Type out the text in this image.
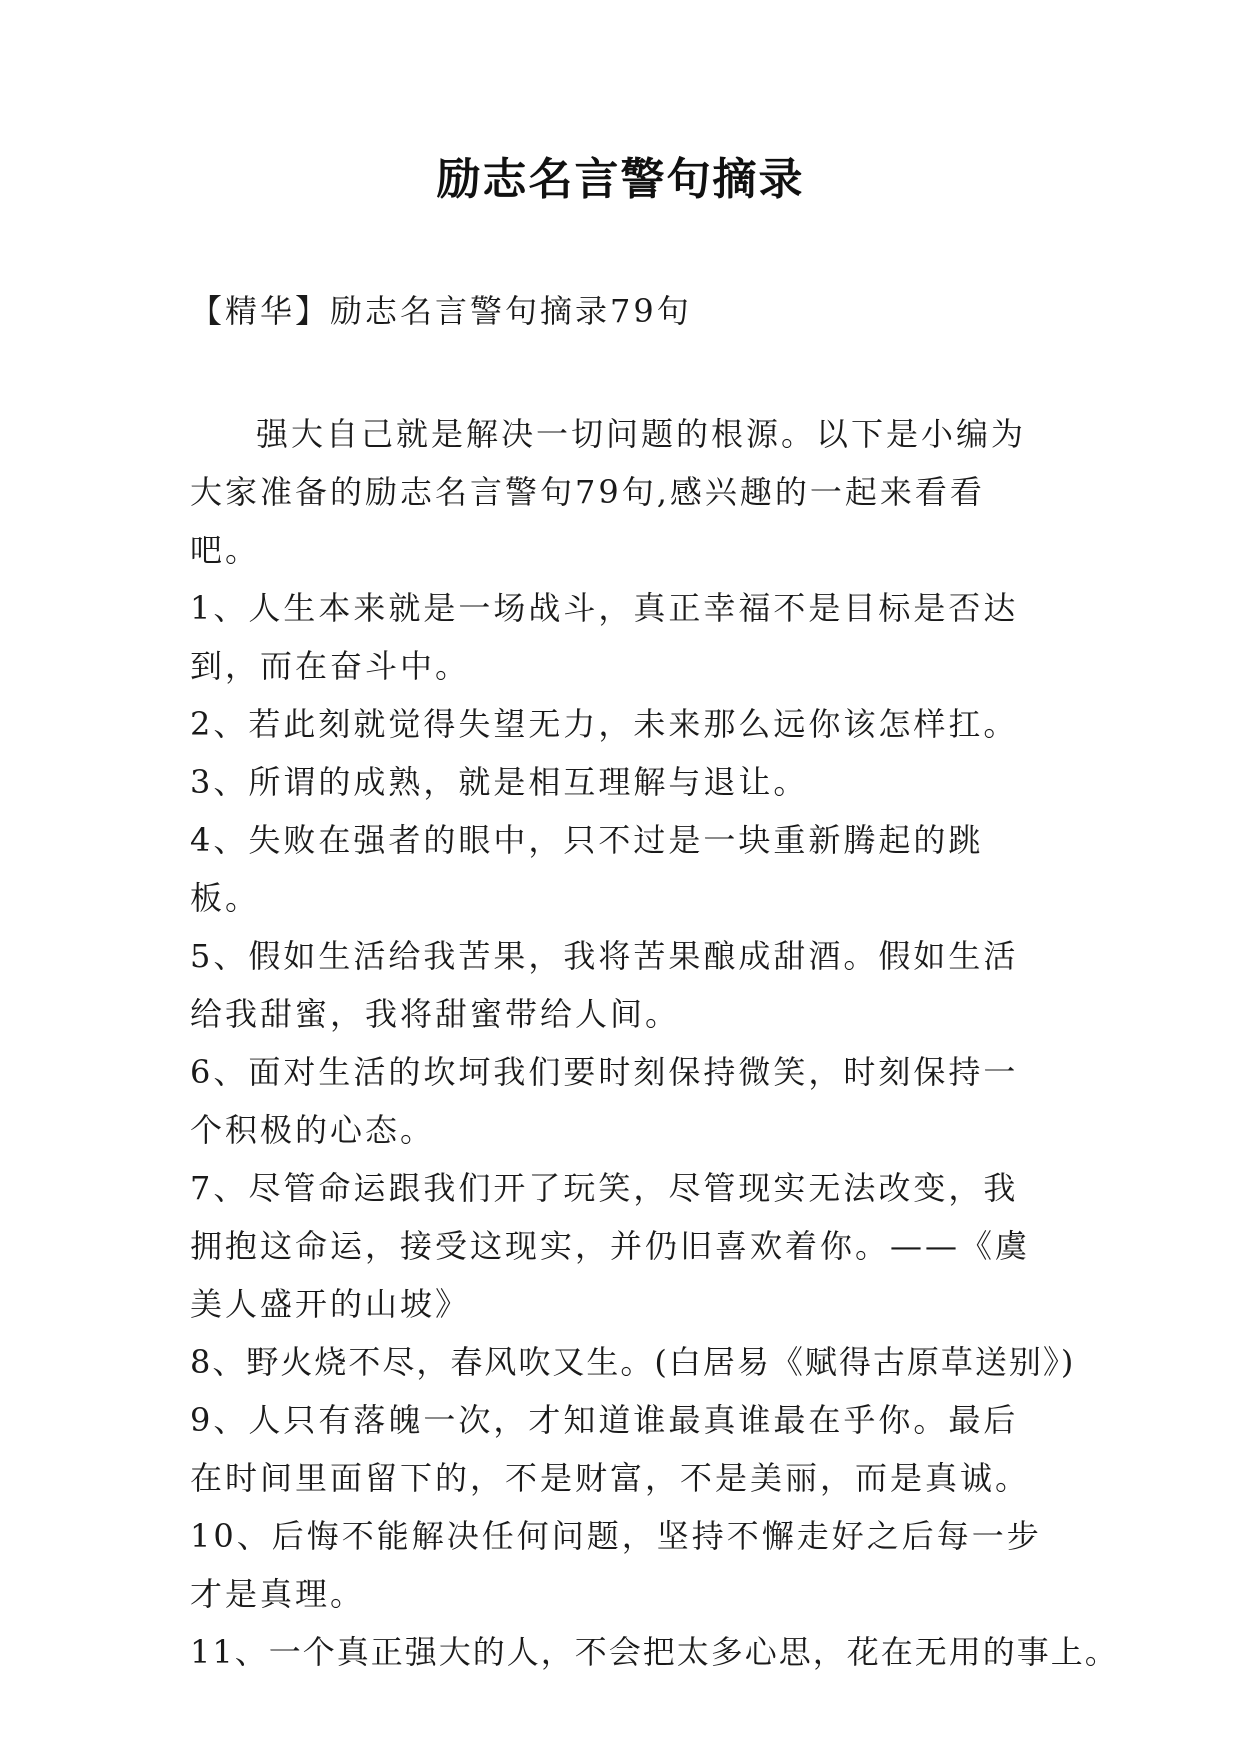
励志名言警句摘录

【精华】励志名言警句摘录79句

强大自己就是解决一切问题的根源。以下是小编为大家准备的励志名言警句79句,感兴趣的一起来看看吧。

1、人生本来就是一场战斗，真正幸福不是目标是否达到，而在奋斗中。

2、若此刻就觉得失望无力，未来那么远你该怎样扛。

3、所谓的成熟，就是相互理解与退让。

4、失败在强者的眼中，只不过是一块重新腾起的跳板。

5、假如生活给我苦果，我将苦果酿成甜酒。假如生活给我甜蜜，我将甜蜜带给人间。

6、面对生活的坎坷我们要时刻保持微笑，时刻保持一个积极的心态。

7、尽管命运跟我们开了玩笑，尽管现实无法改变，我拥抱这命运，接受这现实，并仍旧喜欢着你。——《虞美人盛开的山坡》

8、野火烧不尽，春风吹又生。(白居易《赋得古原草送别》)

9、人只有落魄一次，才知道谁最真谁最在乎你。最后在时间里面留下的，不是财富，不是美丽，而是真诚。

10、后悔不能解决任何问题，坚持不懈走好之后每一步才是真理。

11、一个真正强大的人，不会把太多心思，花在无用的事上。
